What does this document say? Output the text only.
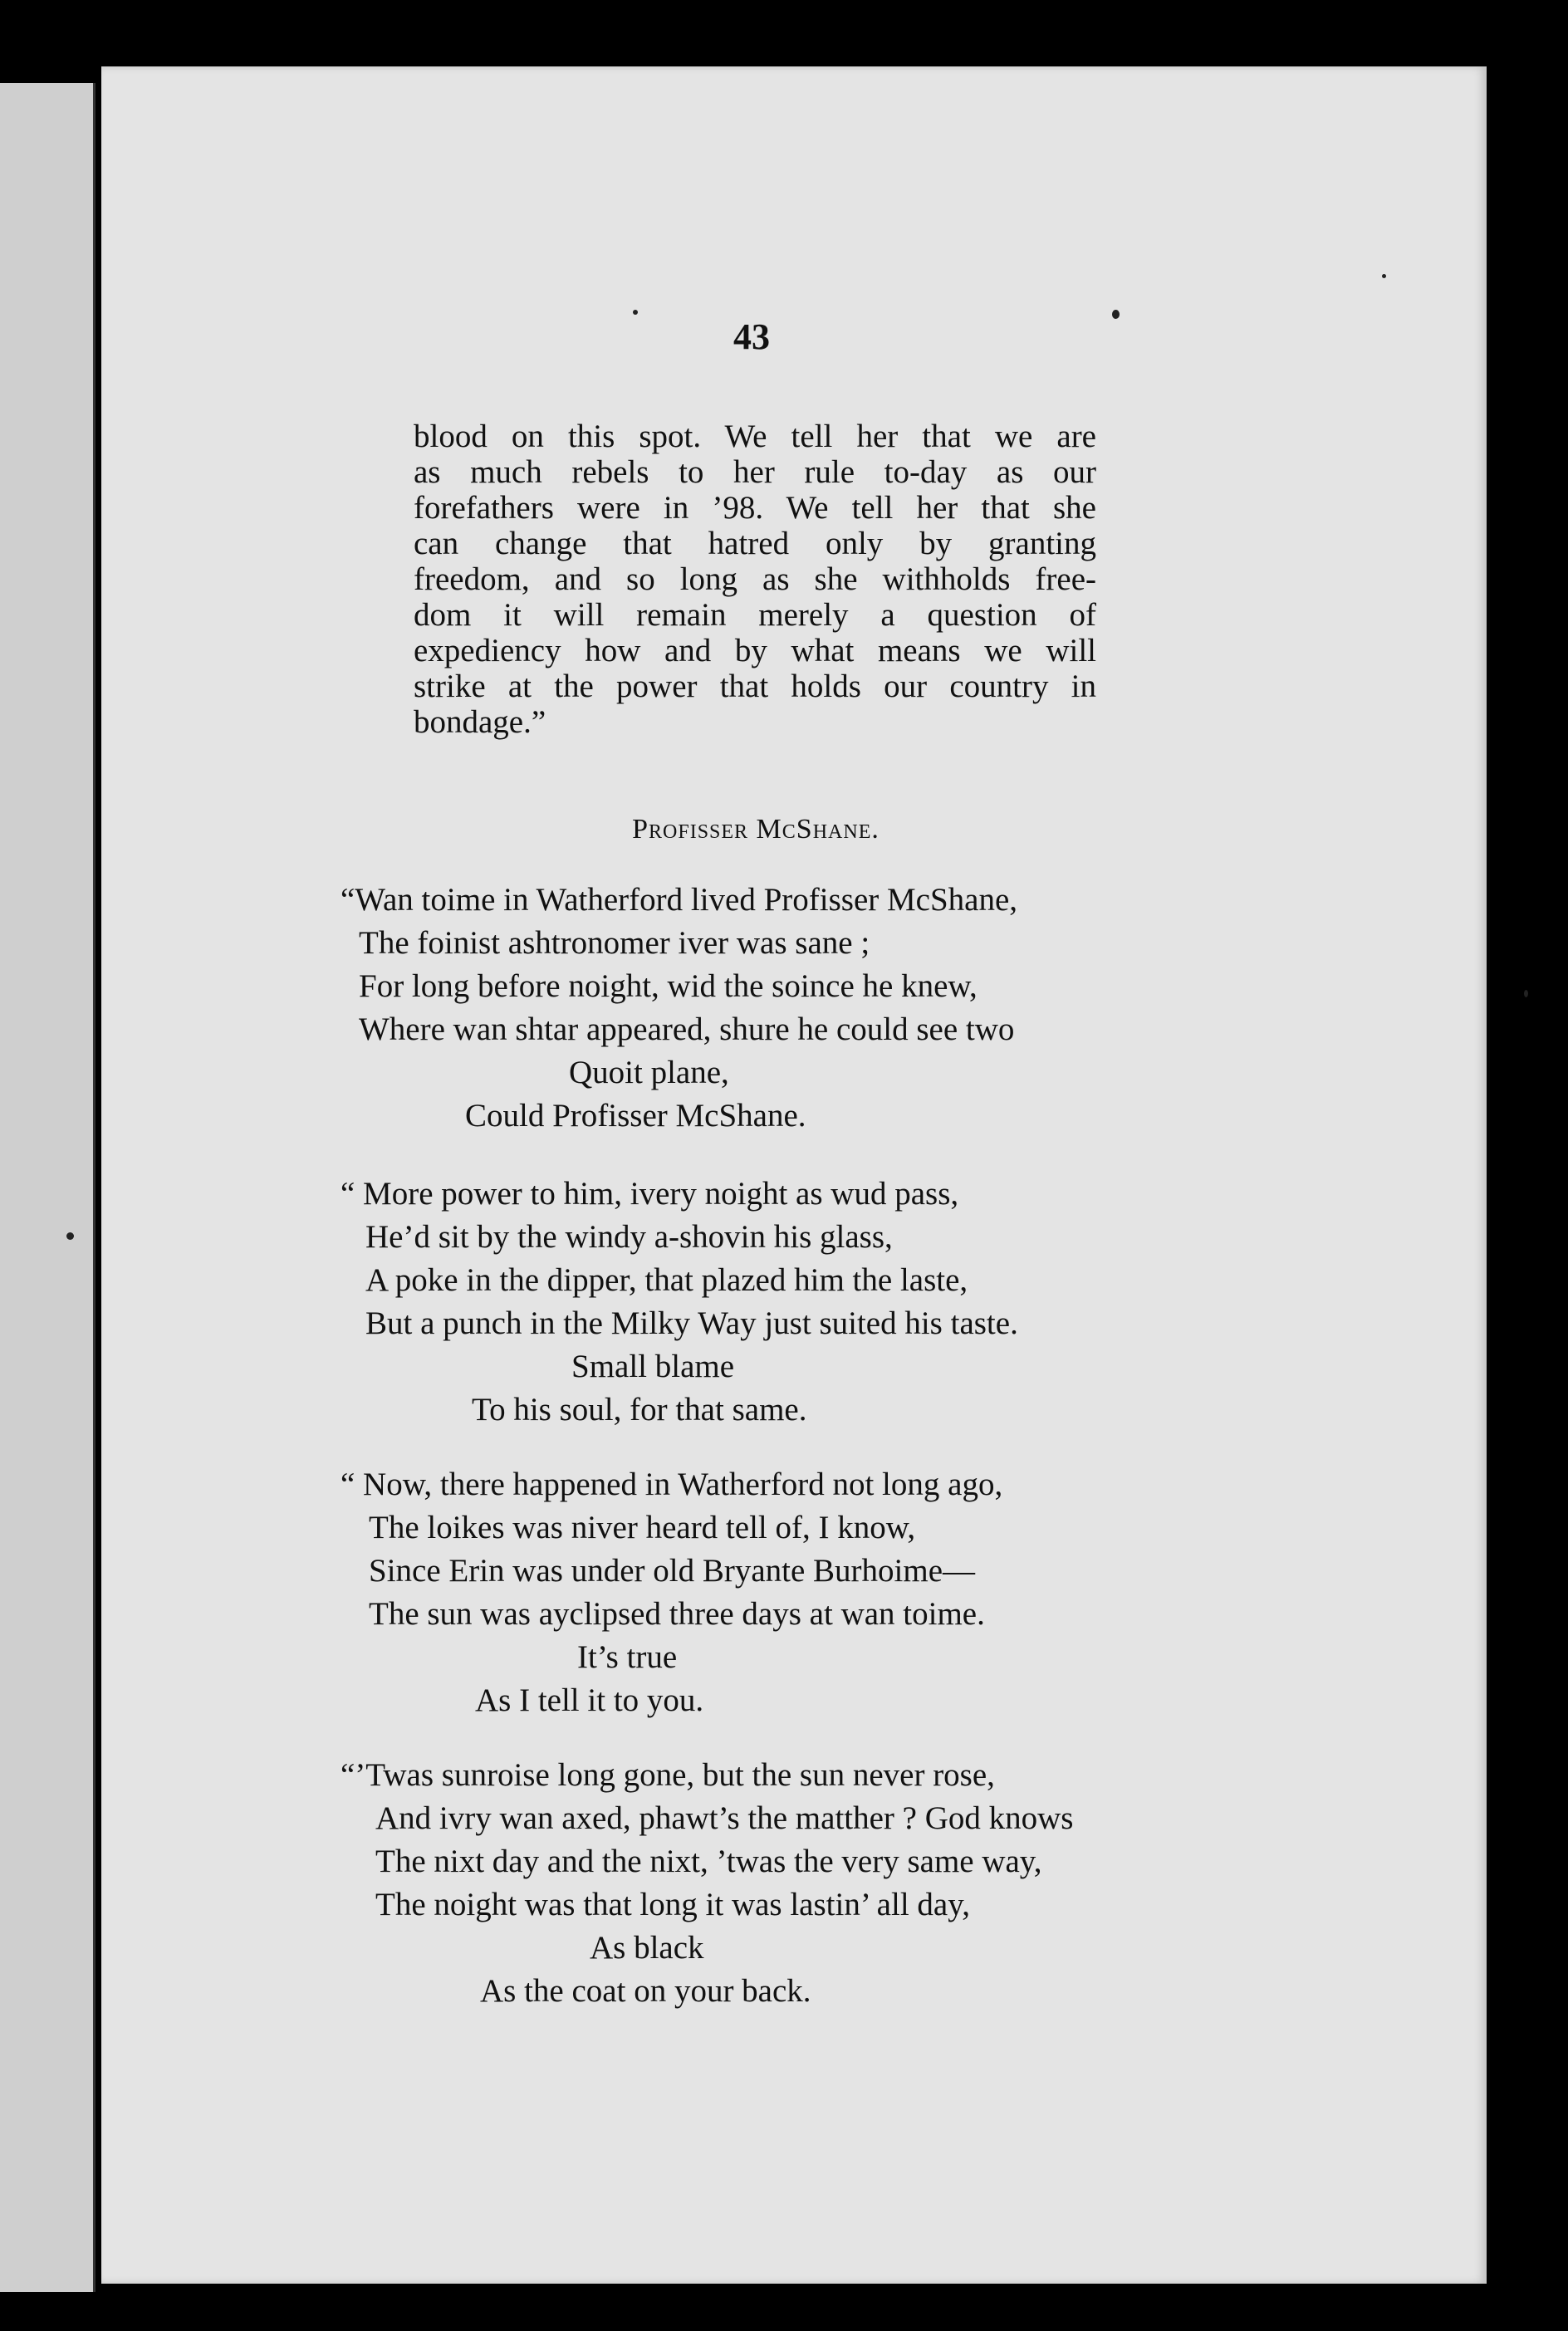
43
blood on this spot. We tell her that we are
as much rebels to her rule to-day as our
forefathers were in ’98. We tell her that she
can change that hatred only by granting
freedom, and so long as she withholds free-
dom it will remain merely a question of
expediency how and by what means we will
strike at the power that holds our country in
bondage.”
Profisser McShane.
“Wan toime in Watherford lived Profisser McShane,
The foinist ashtronomer iver was sane ;
For long before noight, wid the soince he knew,
Where wan shtar appeared, shure he could see two
Quoit plane,
Could Profisser McShane.
“ More power to him, ivery noight as wud pass,
He’d sit by the windy a-shovin his glass,
A poke in the dipper, that plazed him the laste,
But a punch in the Milky Way just suited his taste.
Small blame
To his soul, for that same.
“ Now, there happened in Watherford not long ago,
The loikes was niver heard tell of, I know,
Since Erin was under old Bryante Burhoime—
The sun was ayclipsed three days at wan toime.
It’s true
As I tell it to you.
“’Twas sunroise long gone, but the sun never rose,
And ivry wan axed, phawt’s the matther ? God knows
The nixt day and the nixt, ’twas the very same way,
The noight was that long it was lastin’ all day,
As black
As the coat on your back.
